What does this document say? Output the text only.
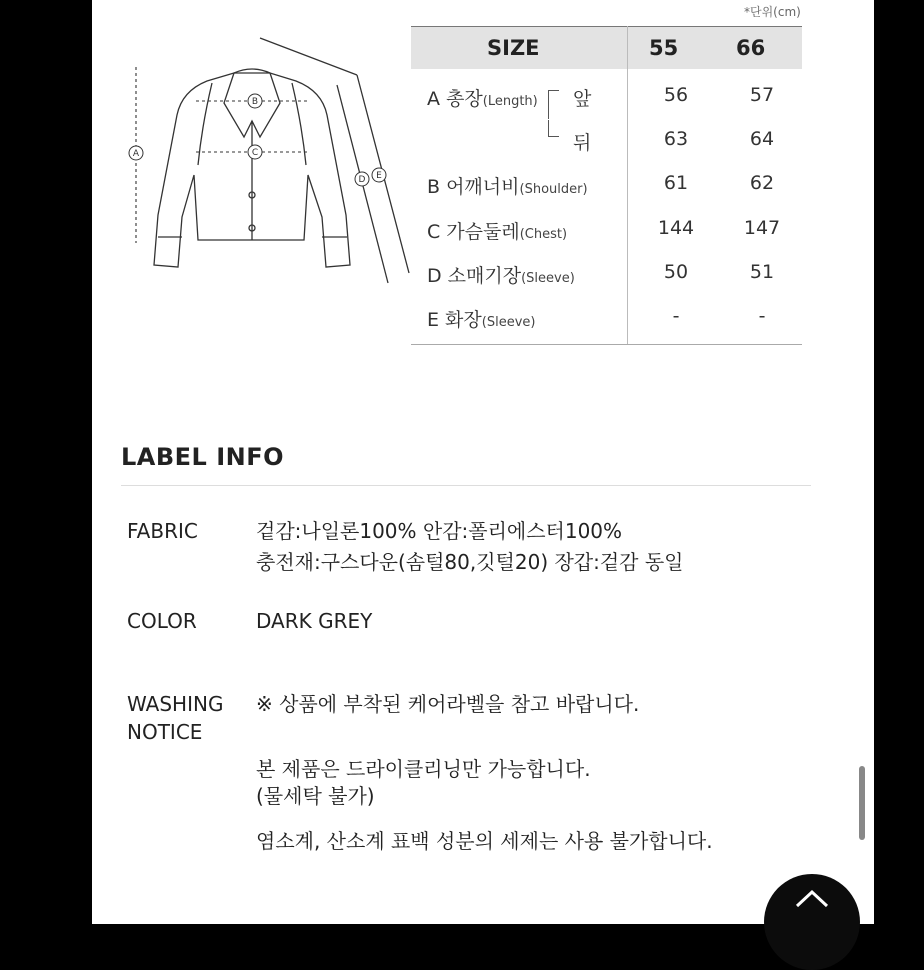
A
B
C
D E
*단위(cm)
SIZE	55	66
A 총장(Length) 앞	56	57
뒤	63	64
B 어깨너비(Shoulder)	61	62
C 가슴둘레(Chest)	144	147
D 소매기장(Sleeve)	50	51
E 화장(Sleeve)	-	-
LABEL INFO
FABRIC	겉감:나일론100% 안감:폴리에스터100%
충전재:구스다운(솜털80,깃털20) 장갑:겉감 동일
COLOR	DARK GREY
WASHING
NOTICE
※ 상품에 부착된 케어라벨을 참고 바랍니다.
본 제품은 드라이클리닝만 가능합니다.
(물세탁 불가)
염소계, 산소계 표백 성분의 세제는 사용 불가합니다.
